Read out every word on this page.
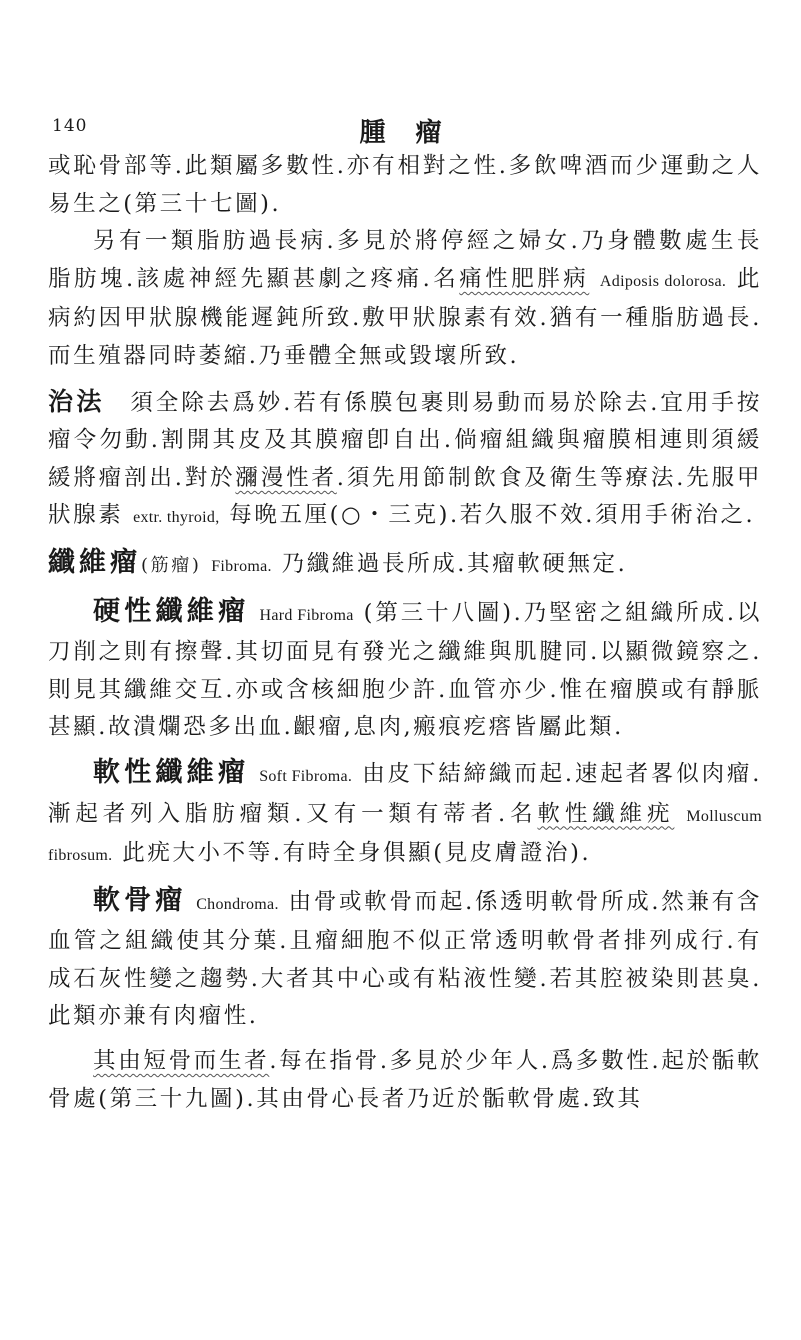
140	腫瘤

或恥骨部等.此類屬多數性.亦有相對之性.多飲啤酒而少運動之人易生之(第三十七圖).

另有一類脂肪過長病.多見於將停經之婦女.乃身體數處生長脂肪塊.該處神經先顯甚劇之疼痛.名痛性肥胖病 Adiposis dolorosa. 此病約因甲狀腺機能遲鈍所致.敷甲狀腺素有效.猶有一種脂肪過長.而生殖器同時萎縮.乃垂體全無或毀壞所致.

治法　 須全除去爲妙.若有係膜包裹則易動而易於除去.宜用手按瘤令勿動.割開其皮及其膜瘤卽自出.倘瘤組織與瘤膜相連則須緩緩將瘤剖出.對於瀰漫性者.須先用節制飲食及衛生等療法.先服甲狀腺素 extr. thyroid, 每晩五厘(○・三克).若久服不效.須用手術治之.

纖維瘤(筋瘤) Fibroma. 乃纖維過長所成.其瘤軟硬無定.

硬性纖維瘤 Hard Fibroma (第三十八圖).乃堅密之組織所成.以刀削之則有擦聲.其切面見有發光之纖維與肌腱同.以顯微鏡察之.則見其纖維交互.亦或含核細胞少許.血管亦少.惟在瘤膜或有靜脈甚顯.故潰爛恐多出血.齦瘤,息肉,瘢痕疙瘩皆屬此類.

軟性纖維瘤 Soft Fibroma. 由皮下結締織而起.速起者畧似肉瘤.漸起者列入脂肪瘤類.又有一類有蒂者.名軟性纖維疣 Molluscum fibrosum. 此疣大小不等.有時全身俱顯(見皮膚證治).

軟骨瘤 Chondroma. 由骨或軟骨而起.係透明軟骨所成.然兼有含血管之組織使其分葉.且瘤細胞不似正常透明軟骨者排列成行.有成石灰性變之趨勢.大者其中心或有粘液性變.若其腔被染則甚臭.此類亦兼有肉瘤性.

其由短骨而生者.每在指骨.多見於少年人.爲多數性.起於骺軟骨處(第三十九圖).其由骨心長者乃近於骺軟骨處.致其
